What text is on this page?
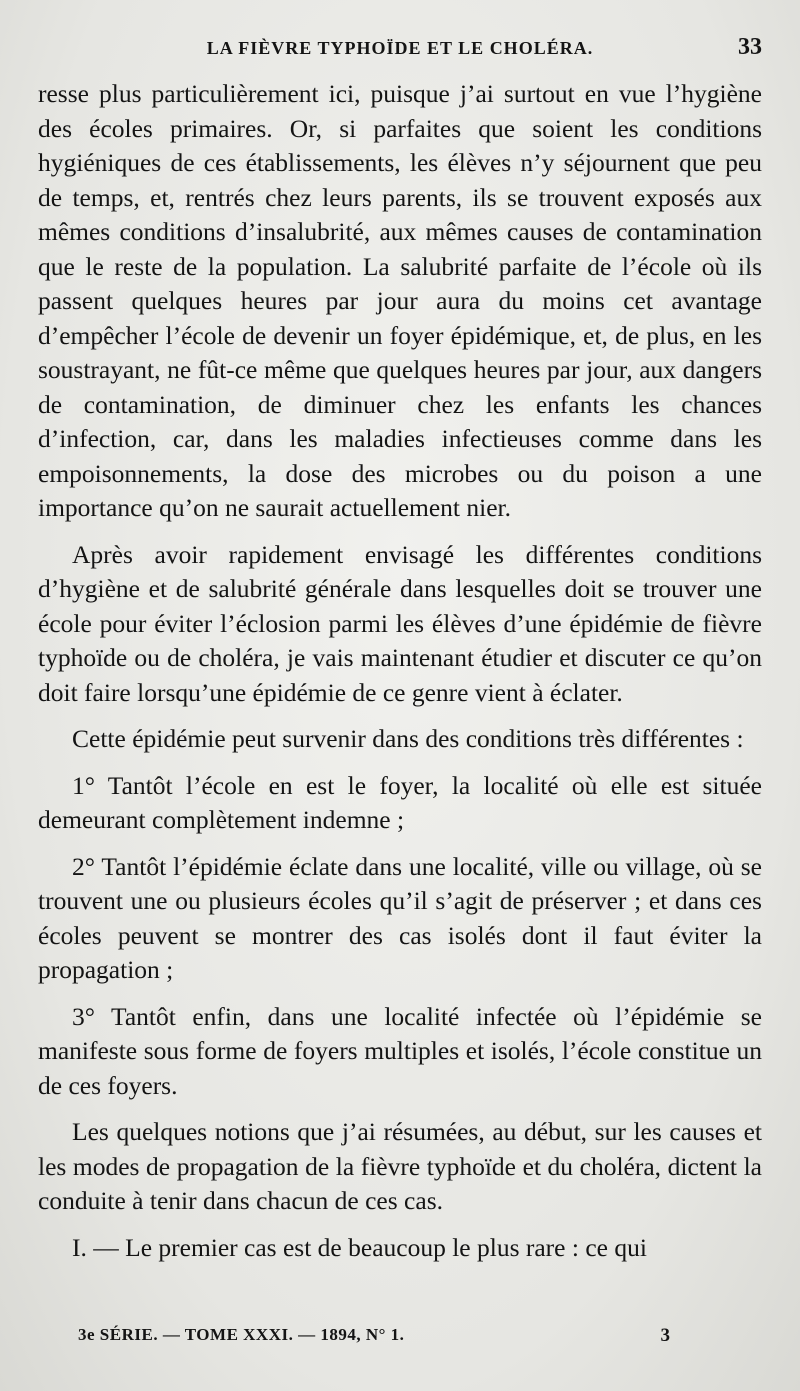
LA FIÈVRE TYPHOÏDE ET LE CHOLÉRA.	33

resse plus particulièrement ici, puisque j’ai surtout en vue l’hygiène des écoles primaires. Or, si parfaites que soient les conditions hygiéniques de ces établissements, les élèves n’y séjournent que peu de temps, et, rentrés chez leurs parents, ils se trouvent exposés aux mêmes conditions d’insalubrité, aux mêmes causes de contamination que le reste de la population. La salubrité parfaite de l’école où ils passent quelques heures par jour aura du moins cet avantage d’empêcher l’école de devenir un foyer épidémique, et, de plus, en les soustrayant, ne fût-ce même que quelques heures par jour, aux dangers de contamination, de diminuer chez les enfants les chances d’infection, car, dans les maladies infectieuses comme dans les empoisonnements, la dose des microbes ou du poison a une importance qu’on ne saurait actuellement nier.

Après avoir rapidement envisagé les différentes conditions d’hygiène et de salubrité générale dans lesquelles doit se trouver une école pour éviter l’éclosion parmi les élèves d’une épidémie de fièvre typhoïde ou de choléra, je vais maintenant étudier et discuter ce qu’on doit faire lorsqu’une épidémie de ce genre vient à éclater.

Cette épidémie peut survenir dans des conditions très différentes :

1° Tantôt l’école en est le foyer, la localité où elle est située demeurant complètement indemne ;

2° Tantôt l’épidémie éclate dans une localité, ville ou village, où se trouvent une ou plusieurs écoles qu’il s’agit de préserver ; et dans ces écoles peuvent se montrer des cas isolés dont il faut éviter la propagation ;

3° Tantôt enfin, dans une localité infectée où l’épidémie se manifeste sous forme de foyers multiples et isolés, l’école constitue un de ces foyers.

Les quelques notions que j’ai résumées, au début, sur les causes et les modes de propagation de la fièvre typhoïde et du choléra, dictent la conduite à tenir dans chacun de ces cas.

I. — Le premier cas est de beaucoup le plus rare : ce qui

3e SÉRIE. — TOME XXXI. — 1894, N° 1.	3
